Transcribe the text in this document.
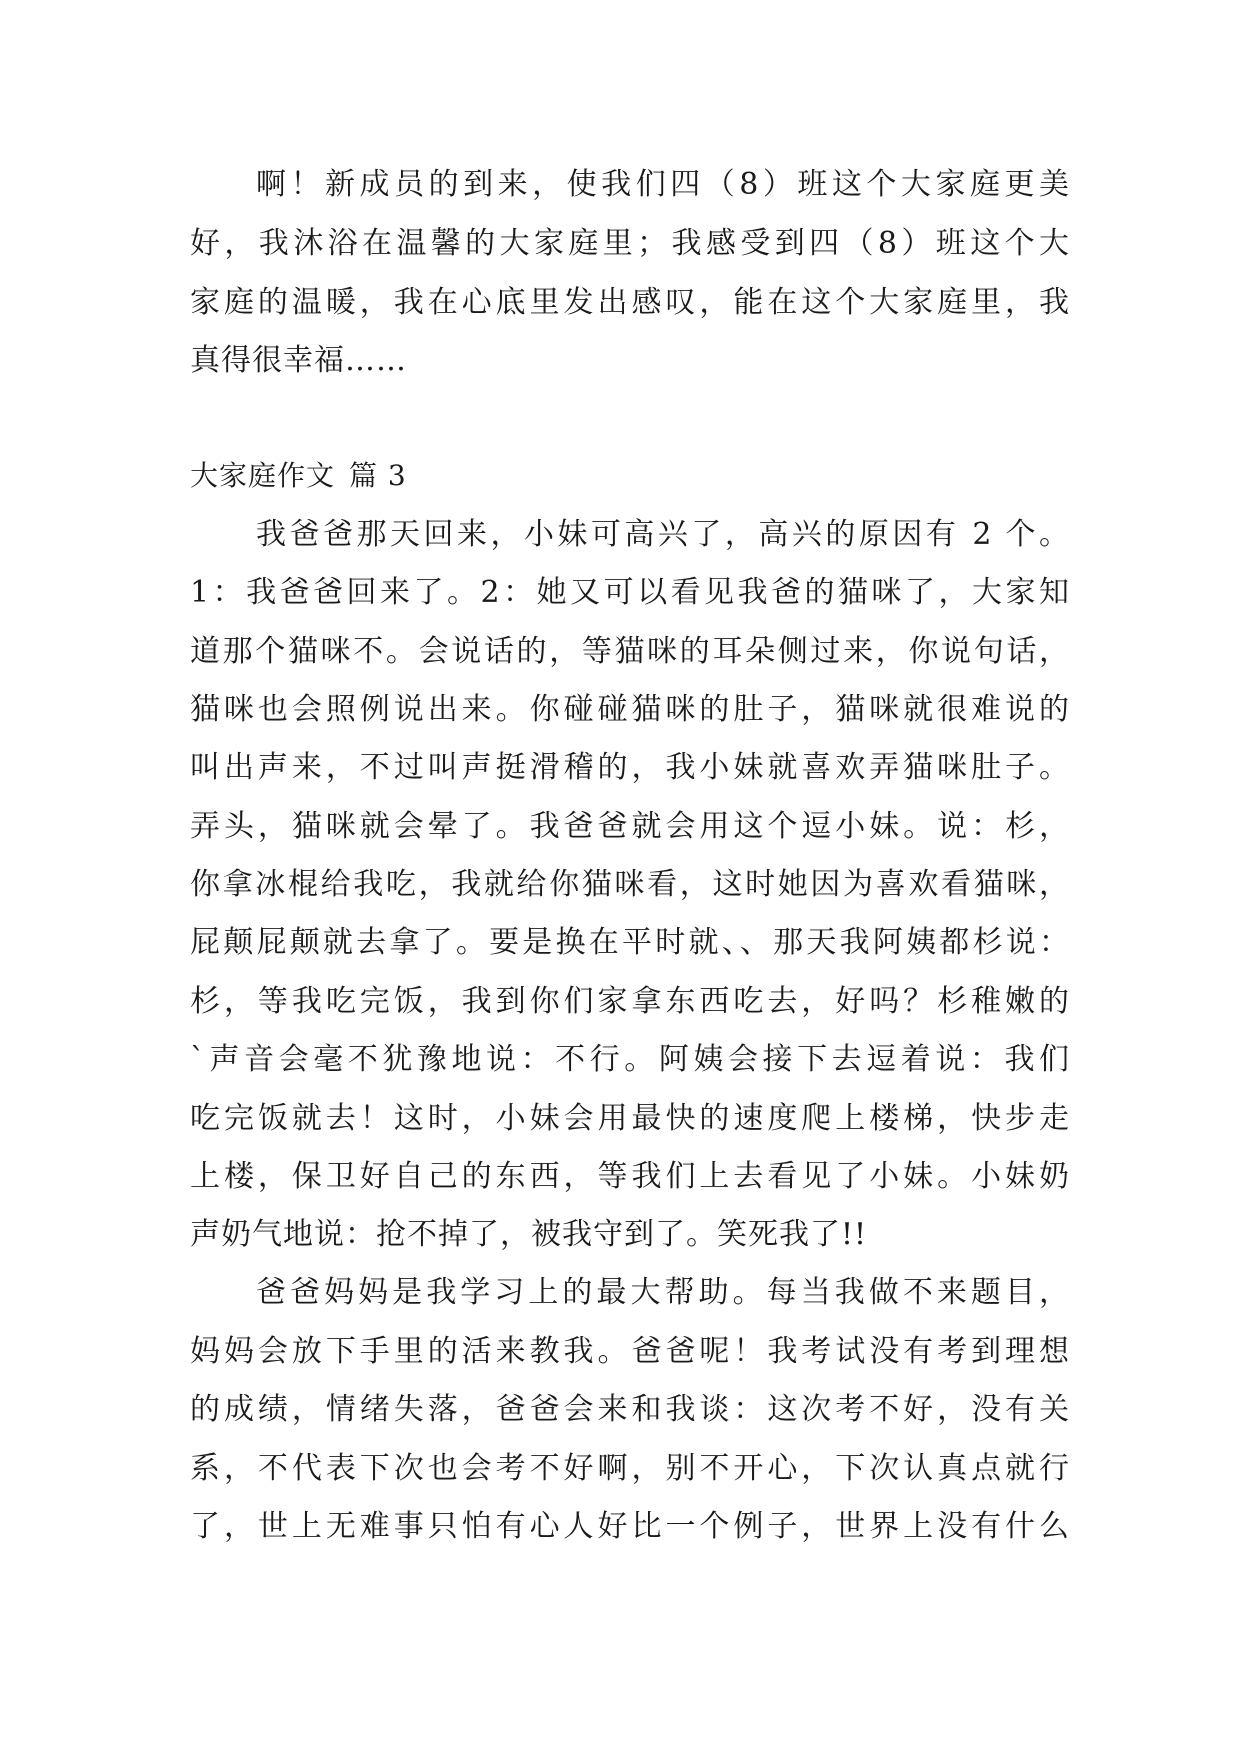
啊！新成员的到来，使我们四（8）班这个大家庭更美

好，我沐浴在温馨的大家庭里；我感受到四（8）班这个大

家庭的温暖，我在心底里发出感叹，能在这个大家庭里，我

真得很幸福……

大家庭作文 篇 3

我爸爸那天回来，小妹可高兴了，高兴的原因有 2 个。

1：我爸爸回来了。2：她又可以看见我爸的猫咪了，大家知

道那个猫咪不。会说话的，等猫咪的耳朵侧过来，你说句话，

猫咪也会照例说出来。你碰碰猫咪的肚子，猫咪就很难说的

叫出声来，不过叫声挺滑稽的，我小妹就喜欢弄猫咪肚子。

弄头，猫咪就会晕了。我爸爸就会用这个逗小妹。说：杉，

你拿冰棍给我吃，我就给你猫咪看，这时她因为喜欢看猫咪，

屁颠屁颠就去拿了。要是换在平时就、、那天我阿姨都杉说：

杉，等我吃完饭，我到你们家拿东西吃去，好吗？杉稚嫩的

`声音会毫不犹豫地说：不行。阿姨会接下去逗着说：我们

吃完饭就去！这时，小妹会用最快的速度爬上楼梯，快步走

上楼，保卫好自己的东西，等我们上去看见了小妹。小妹奶

声奶气地说：抢不掉了，被我守到了。笑死我了!!

爸爸妈妈是我学习上的最大帮助。每当我做不来题目，

妈妈会放下手里的活来教我。爸爸呢！我考试没有考到理想

的成绩，情绪失落，爸爸会来和我谈：这次考不好，没有关

系，不代表下次也会考不好啊，别不开心，下次认真点就行

了，世上无难事只怕有心人好比一个例子，世界上没有什么
